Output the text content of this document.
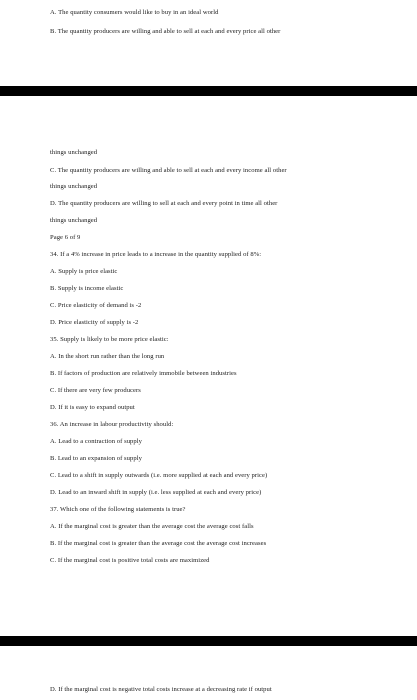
A. The quantity consumers would like to buy in an ideal world
B. The quantity producers are willing and able to sell at each and every price all other
things unchanged
C. The quantity producers are willing and able to sell at each and every income all other
things unchanged
D. The quantity producers are willing to sell at each and every point in time all other
things unchanged
Page 6 of 9
34. If a 4% increase in price leads to a increase in the quantity supplied of 8%:
A. Supply is price elastic
B. Supply is income elastic
C. Price elasticity of demand is -2
D. Price elasticity of supply is -2
35. Supply is likely to be more price elastic:
A. In the short run rather than the long run
B. If factors of production are relatively immobile between industries
C. If there are very few producers
D. If it is easy to expand output
36. An increase in labour productivity should:
A. Lead to a contraction of supply
B. Lead to an expansion of supply
C. Lead to a shift in supply outwards (i.e. more supplied at each and every price)
D. Lead to an inward shift in supply (i.e. less supplied at each and every price)
37. Which one of the following statements is true?
A. If the marginal cost is greater than the average cost the average cost falls
B. If the marginal cost is greater than the average cost the average cost increases
C. If the marginal cost is positive total costs are maximized
D. If the marginal cost is negative total costs increase at a decreasing rate if output
